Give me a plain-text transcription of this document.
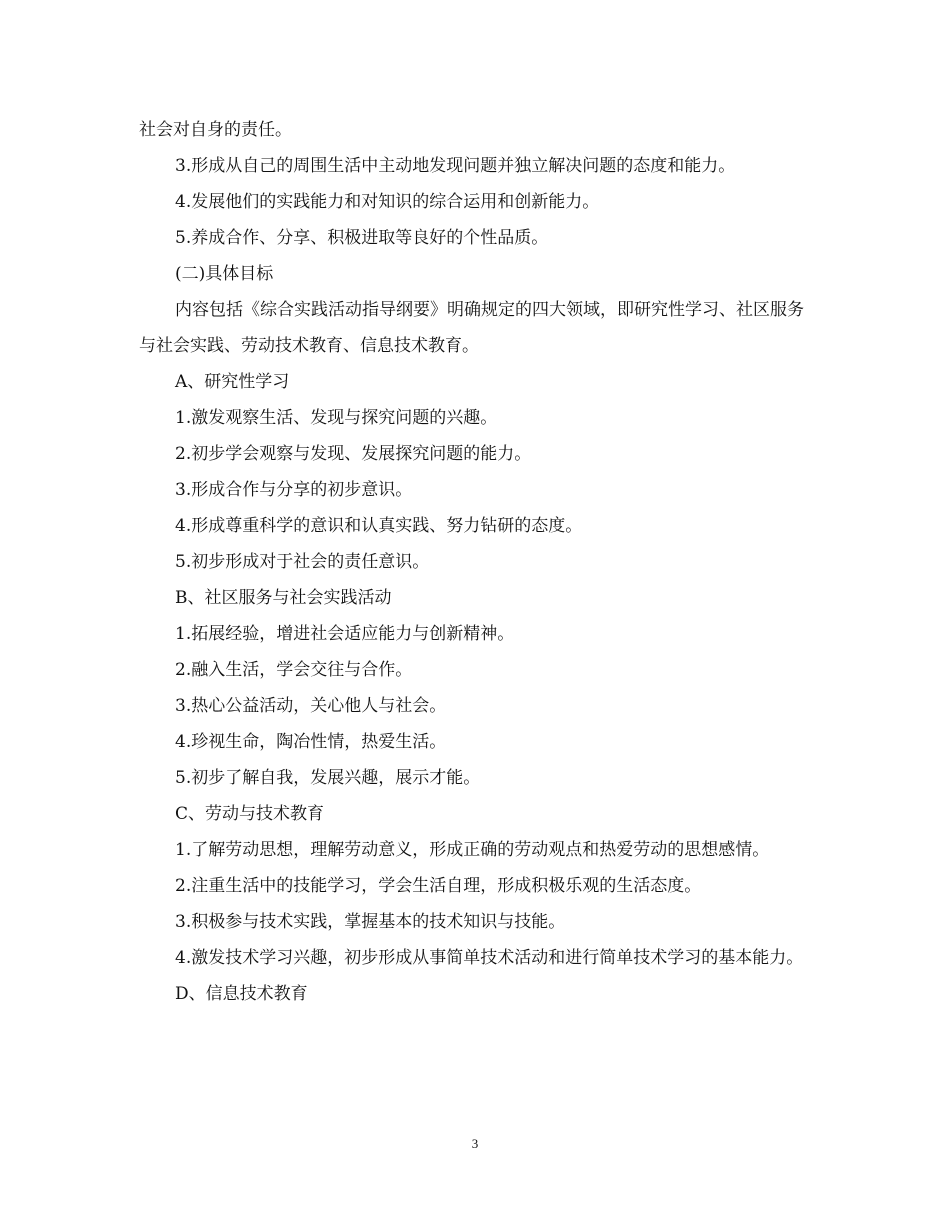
社会对自身的责任。

3.形成从自己的周围生活中主动地发现问题并独立解决问题的态度和能力。

4.发展他们的实践能力和对知识的综合运用和创新能力。

5.养成合作、分享、积极进取等良好的个性品质。

(二)具体目标

内容包括《综合实践活动指导纲要》明确规定的四大领域，即研究性学习、社区服务与社会实践、劳动技术教育、信息技术教育。

A、研究性学习

1.激发观察生活、发现与探究问题的兴趣。

2.初步学会观察与发现、发展探究问题的能力。

3.形成合作与分享的初步意识。

4.形成尊重科学的意识和认真实践、努力钻研的态度。

5.初步形成对于社会的责任意识。

B、社区服务与社会实践活动

1.拓展经验，增进社会适应能力与创新精神。

2.融入生活，学会交往与合作。

3.热心公益活动，关心他人与社会。

4.珍视生命，陶冶性情，热爱生活。

5.初步了解自我，发展兴趣，展示才能。

C、劳动与技术教育

1.了解劳动思想，理解劳动意义，形成正确的劳动观点和热爱劳动的思想感情。

2.注重生活中的技能学习，学会生活自理，形成积极乐观的生活态度。

3.积极参与技术实践，掌握基本的技术知识与技能。

4.激发技术学习兴趣，初步形成从事简单技术活动和进行简单技术学习的基本能力。

D、信息技术教育

3
